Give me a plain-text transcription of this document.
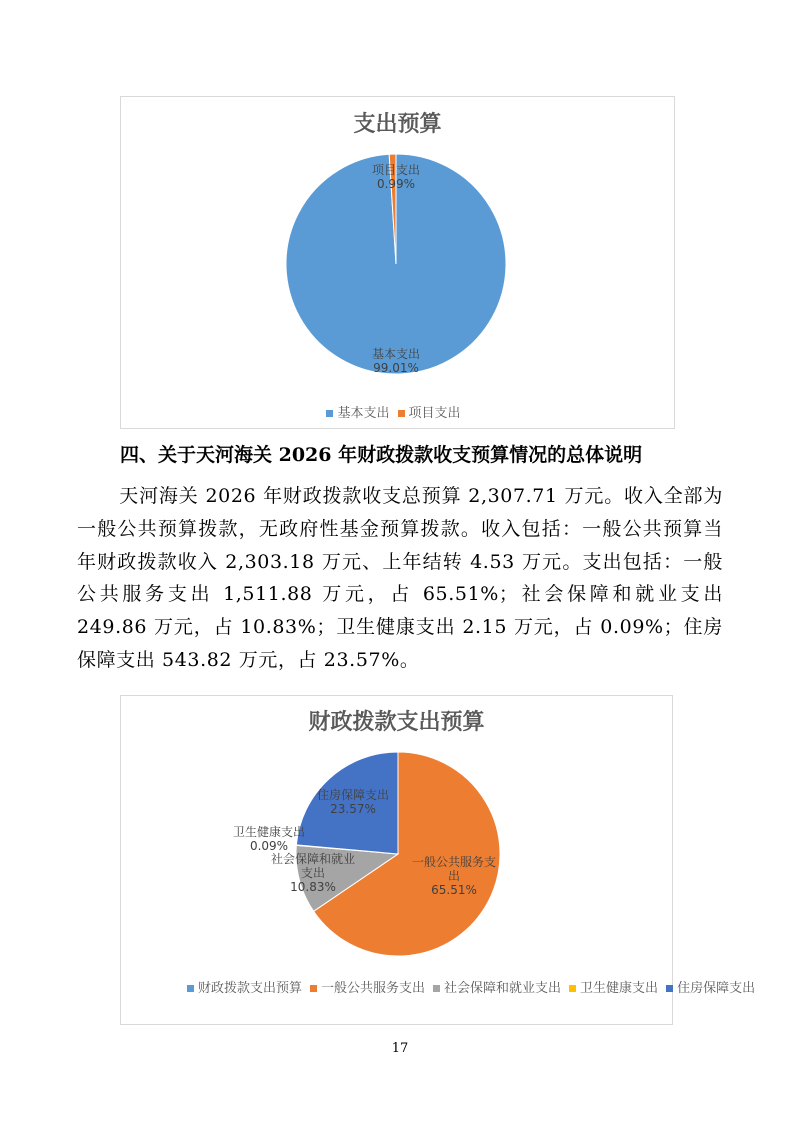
支出预算
基本支出
99.01%
项目支出
0.99%
基本支出 项目支出
四、关于天河海关 2026 年财政拨款收支预算情况的总体说明
天河海关 2026 年财政拨款收支总预算 2,307.71 万元。收入全部为一般公共预算拨款，无政府性基金预算拨款。收入包括：一般公共预算当年财政拨款收入 2,303.18 万元、上年结转 4.53 万元。支出包括：一般公共服务支出 1,511.88 万元，占 65.51%；社会保障和就业支出 249.86 万元，占 10.83%；卫生健康支出 2.15 万元，占 0.09%；住房保障支出 543.82 万元，占 23.57%。
财政拨款支出预算
一般公共服务支
出
65.51%
社会保障和就业
支出
10.83%
卫生健康支出
0.09%
住房保障支出
23.57%
财政拨款支出预算 一般公共服务支出 社会保障和就业支出 卫生健康支出 住房保障支出
17
